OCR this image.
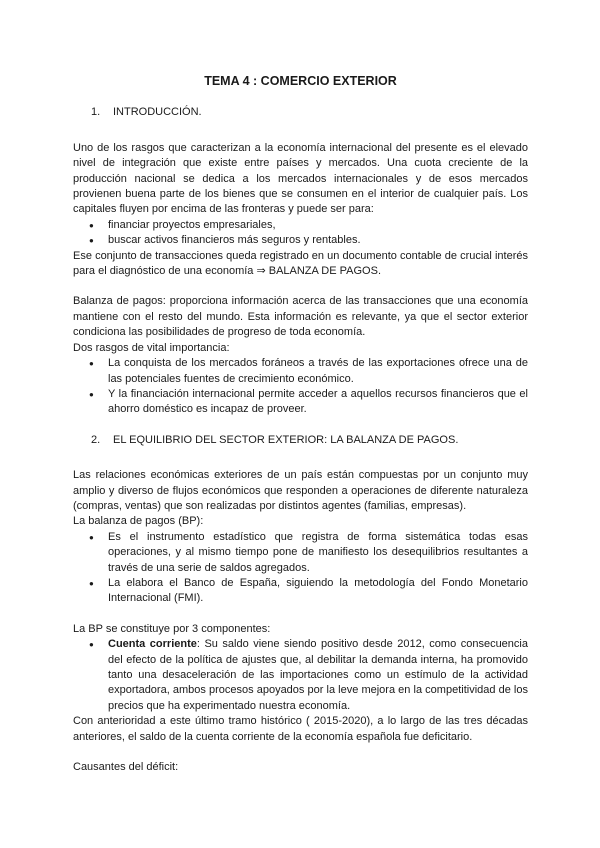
TEMA 4 : COMERCIO EXTERIOR
1.	INTRODUCCIÓN.

Uno de los rasgos que caracterizan a la economía internacional del presente es el elevado nivel de integración que existe entre países y mercados. Una cuota creciente de la producción nacional se dedica a los mercados internacionales y de esos mercados provienen buena parte de los bienes que se consumen en el interior de cualquier país. Los capitales fluyen por encima de las fronteras y puede ser para:

● financiar proyectos empresariales,
● buscar activos financieros más seguros y rentables.

Ese conjunto de transacciones queda registrado en un documento contable de crucial interés para el diagnóstico de una economía ⇒ BALANZA DE PAGOS.

Balanza de pagos: proporciona información acerca de las transacciones que una economía mantiene con el resto del mundo. Esta información es relevante, ya que el sector exterior condiciona las posibilidades de progreso de toda economía.

Dos rasgos de vital importancia:

● La conquista de los mercados foráneos a través de las exportaciones ofrece una de las potenciales fuentes de crecimiento económico.
● Y la financiación internacional permite acceder a aquellos recursos financieros que el ahorro doméstico es incapaz de proveer.
2.	EL EQUILIBRIO DEL SECTOR EXTERIOR: LA BALANZA DE PAGOS.

Las relaciones económicas exteriores de un país están compuestas por un conjunto muy amplio y diverso de flujos económicos que responden a operaciones de diferente naturaleza (compras, ventas) que son realizadas por distintos agentes (familias, empresas).

La balanza de pagos (BP):

● Es el instrumento estadístico que registra de forma sistemática todas esas operaciones, y al mismo tiempo pone de manifiesto los desequilibrios resultantes a través de una serie de saldos agregados.
● La elabora el Banco de España, siguiendo la metodología del Fondo Monetario Internacional (FMI).

La BP se constituye por 3 componentes:

● Cuenta corriente: Su saldo viene siendo positivo desde 2012, como consecuencia del efecto de la política de ajustes que, al debilitar la demanda interna, ha promovido tanto una desaceleración de las importaciones como un estímulo de la actividad exportadora, ambos procesos apoyados por la leve mejora en la competitividad de los precios que ha experimentado nuestra economía.

Con anterioridad a este último tramo histórico ( 2015-2020), a lo largo de las tres décadas anteriores, el saldo de la cuenta corriente de la economía española fue deficitario.

Causantes del déficit:
